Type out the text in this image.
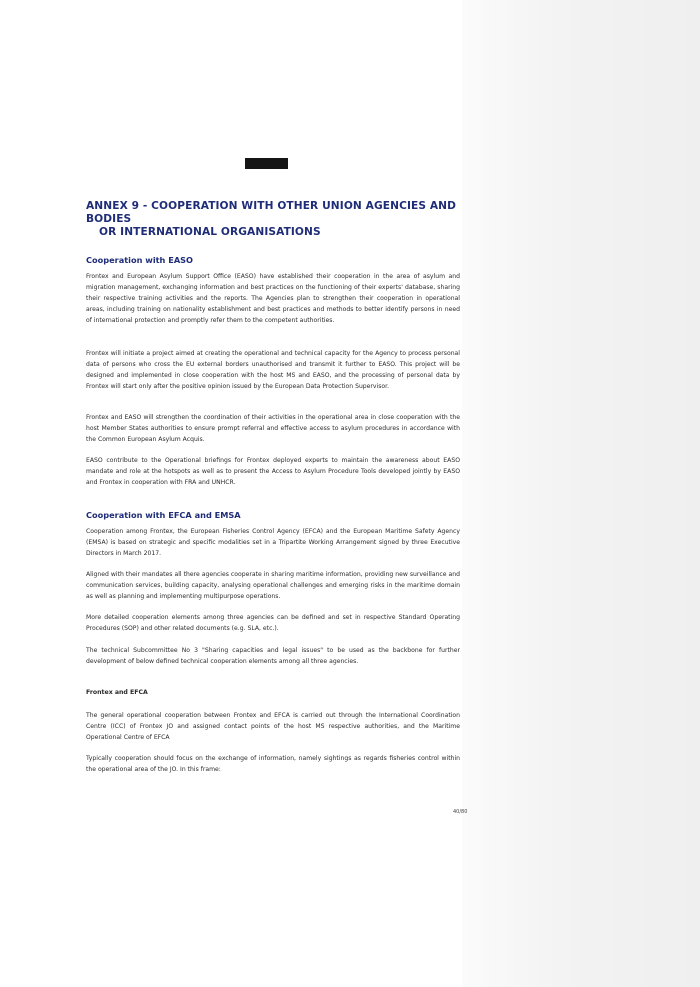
ANNEX 9 - COOPERATION WITH OTHER UNION AGENCIES AND BODIES
OR INTERNATIONAL ORGANISATIONS
Cooperation with EASO

Frontex and European Asylum Support Office (EASO) have established their cooperation in the area of asylum and migration management, exchanging information and best practices on the functioning of their experts' database, sharing their respective training activities and the reports. The Agencies plan to strengthen their cooperation in operational areas, including training on nationality establishment and best practices and methods to better identify persons in need of international protection and promptly refer them to the competent authorities.

Frontex will initiate a project aimed at creating the operational and technical capacity for the Agency to process personal data of persons who cross the EU external borders unauthorised and transmit it further to EASO. This project will be designed and implemented in close cooperation with the host MS and EASO, and the processing of personal data by Frontex will start only after the positive opinion issued by the European Data Protection Supervisor.

Frontex and EASO will strengthen the coordination of their activities in the operational area in close cooperation with the host Member States authorities to ensure prompt referral and effective access to asylum procedures in accordance with the Common European Asylum Acquis.

EASO contribute to the Operational briefings for Frontex deployed experts to maintain the awareness about EASO mandate and role at the hotspots as well as to present the Access to Asylum Procedure Tools developed jointly by EASO and Frontex in cooperation with FRA and UNHCR.

Cooperation with EFCA and EMSA

Cooperation among Frontex, the European Fisheries Control Agency (EFCA) and the European Maritime Safety Agency (EMSA) is based on strategic and specific modalities set in a Tripartite Working Arrangement signed by three Executive Directors in March 2017.

Aligned with their mandates all there agencies cooperate in sharing maritime information, providing new surveillance and communication services, building capacity, analysing operational challenges and emerging risks in the maritime domain as well as planning and implementing multipurpose operations.

More detailed cooperation elements among three agencies can be defined and set in respective Standard Operating Procedures (SOP) and other related documents (e.g. SLA, etc.).

The technical Subcommittee No 3 "Sharing capacities and legal issues" to be used as the backbone for further development of below defined technical cooperation elements among all three agencies.

Frontex and EFCA

The general operational cooperation between Frontex and EFCA is carried out through the International Coordination Centre (ICC) of Frontex JO and assigned contact points of the host MS respective authorities, and the Maritime Operational Centre of EFCA

Typically cooperation should focus on the exchange of information, namely sightings as regards fisheries control within the operational area of the JO. In this frame:

40/80
